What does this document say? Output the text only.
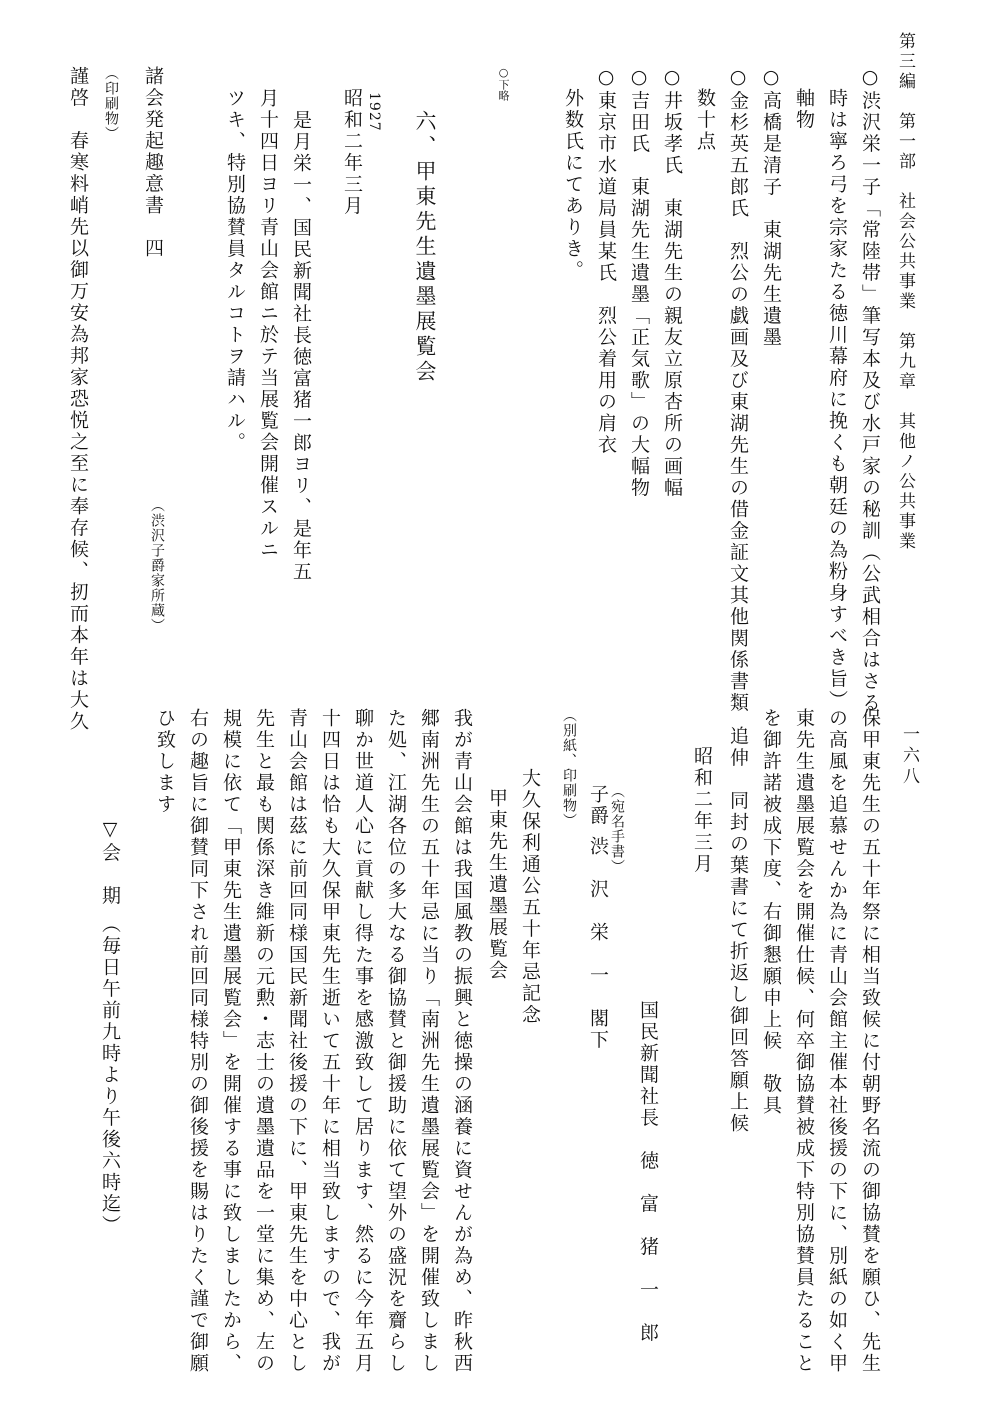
第三編　第一部　社会公共事業　第九章　其他ノ公共事業
一六八
○渋沢栄一子「常陸帯」筆写本及び水戸家の秘訓（公武相合はさる
時は寧ろ弓を宗家たる徳川幕府に挽くも朝廷の為粉身すべき旨）
軸物
○高橋是清子　東湖先生遺墨
○金杉英五郎氏　烈公の戯画及び東湖先生の借金証文其他関係書類
数十点
○井坂孝氏　東湖先生の親友立原杏所の画幅
○吉田氏　東湖先生遺墨「正気歌」の大幅物
○東京市水道局員某氏　烈公着用の肩衣
外数氏にてありき。
○下略
六、甲東先生遺墨展覧会
1927
昭和二年三月
是月栄一、国民新聞社長徳富猪一郎ヨリ、是年五
月十四日ヨリ青山会館ニ於テ当展覧会開催スルニ
ツキ、特別協賛員タルコトヲ請ハル。
（渋沢子爵家所蔵）
諸会発起趣意書　四
（印刷物）
謹啓　春寒料峭先以御万安為邦家恐悦之至に奉存候、扨而本年は大久
保甲東先生の五十年祭に相当致候に付朝野名流の御協賛を願ひ、先生
の高風を追慕せんか為に青山会館主催本社後援の下に、別紙の如く甲
東先生遺墨展覧会を開催仕候、何卒御協賛被成下特別協賛員たること
を御許諾被成下度、右御懇願申上候　敬具
追伸　同封の葉書にて折返し御回答願上候
昭和二年三月
国民新聞社長　徳　富　猪　一　郎
（宛名手書）
子爵 渋　沢　栄　一　閣下
（別紙、印刷物）
大久保利通公五十年忌記念
甲東先生遺墨展覧会
我が青山会館は我国風教の振興と徳操の涵養に資せんが為め、昨秋西
郷南洲先生の五十年忌に当り「南洲先生遺墨展覧会」を開催致しまし
た処、江湖各位の多大なる御協賛と御援助に依て望外の盛況を齎らし
聊か世道人心に貢献し得た事を感激致して居ります、然るに今年五月
十四日は恰も大久保甲東先生逝いて五十年に相当致しますので、我が
青山会館は茲に前回同様国民新聞社後援の下に、甲東先生を中心とし
先生と最も関係深き維新の元勲・志士の遺墨遺品を一堂に集め、左の
規模に依て「甲東先生遺墨展覧会」を開催する事に致しましたから、
右の趣旨に御賛同下され前回同様特別の御後援を賜はりたく謹で御願
ひ致します
▽会　期
（毎日午前九時より午後六時迄）
